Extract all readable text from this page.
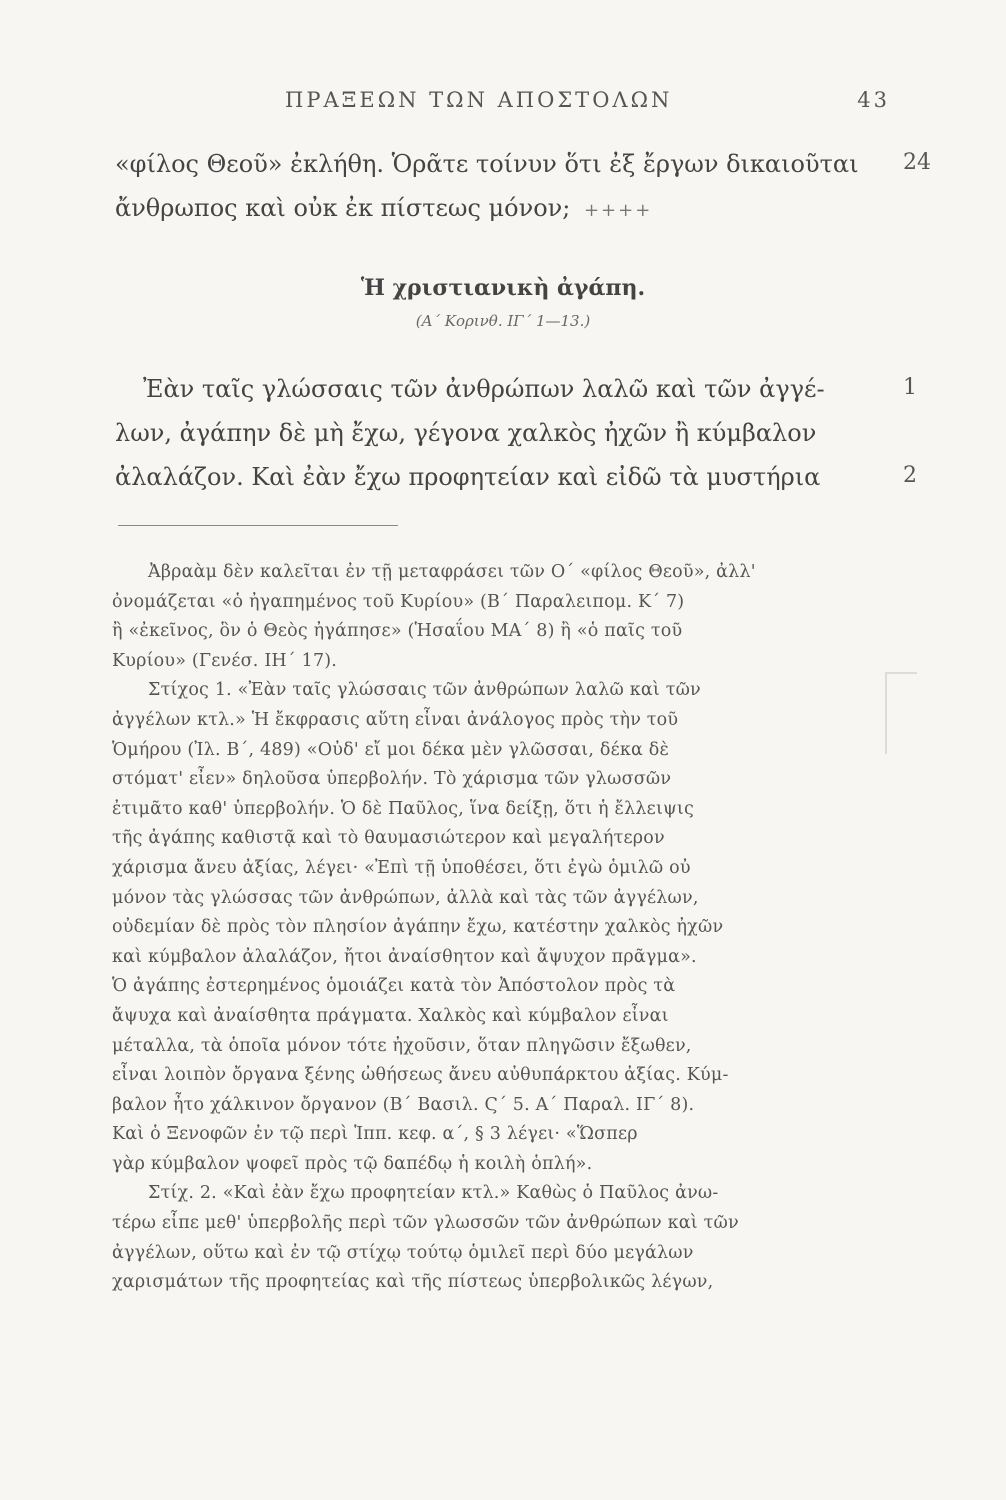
ΠΡΑΞΕΩΝ ΤΩΝ ΑΠΟΣΤΟΛΩΝ	43
«φίλος Θεοῦ» ἐκλήθη. Ὁρᾶτε τοίνυν ὅτι ἐξ ἔργων δικαιοῦται 24
ἄνθρωπος καὶ οὐκ ἐκ πίστεως μόνον; ++++
Ἡ χριστιανικὴ ἀγάπη.
(Α΄ Κορινθ. ΙΓ΄ 1—13.)
Ἐὰν ταῖς γλώσσαις τῶν ἀνθρώπων λαλῶ καὶ τῶν ἀγγέ-	1
λων, ἀγάπην δὲ μὴ ἔχω, γέγονα χαλκὸς ἠχῶν ἢ κύμβαλον
ἀλαλάζον. Καὶ ἐὰν ἔχω προφητείαν καὶ εἰδῶ τὰ μυστήρια	2
Ἀβραὰμ δὲν καλεῖται ἐν τῇ μεταφράσει τῶν Ο΄ «φίλος Θεοῦ», ἀλλ'
ὀνομάζεται «ὁ ἠγαπημένος τοῦ Κυρίου» (Β΄ Παραλειπομ. Κ΄ 7)
ἢ «ἐκεῖνος, ὃν ὁ Θεὸς ἠγάπησε» (Ἡσαΐου ΜΑ΄ 8) ἢ «ὁ παῖς τοῦ
Κυρίου» (Γενέσ. ΙΗ΄ 17).
Στίχος 1. «Ἐὰν ταῖς γλώσσαις τῶν ἀνθρώπων λαλῶ καὶ τῶν
ἀγγέλων κτλ.» Ἡ ἔκφρασις αὕτη εἶναι ἀνάλογος πρὸς τὴν τοῦ
Ὁμήρου (Ἰλ. Β΄, 489) «Οὐδ' εἴ μοι δέκα μὲν γλῶσσαι, δέκα δὲ
στόματ' εἶεν» δηλοῦσα ὑπερβολήν. Τὸ χάρισμα τῶν γλωσσῶν
ἐτιμᾶτο καθ' ὑπερβολήν. Ὁ δὲ Παῦλος, ἵνα δείξῃ, ὅτι ἡ ἔλλειψις
τῆς ἀγάπης καθιστᾷ καὶ τὸ θαυμασιώτερον καὶ μεγαλήτερον
χάρισμα ἄνευ ἀξίας, λέγει· «Ἐπὶ τῇ ὑποθέσει, ὅτι ἐγὼ ὁμιλῶ οὐ
μόνον τὰς γλώσσας τῶν ἀνθρώπων, ἀλλὰ καὶ τὰς τῶν ἀγγέλων,
οὐδεμίαν δὲ πρὸς τὸν πλησίον ἀγάπην ἔχω, κατέστην χαλκὸς ἠχῶν
καὶ κύμβαλον ἀλαλάζον, ἤτοι ἀναίσθητον καὶ ἄψυχον πρᾶγμα».
Ὁ ἀγάπης ἐστερημένος ὁμοιάζει κατὰ τὸν Ἀπόστολον πρὸς τὰ
ἄψυχα καὶ ἀναίσθητα πράγματα. Χαλκὸς καὶ κύμβαλον εἶναι
μέταλλα, τὰ ὁποῖα μόνον τότε ἠχοῦσιν, ὅταν πληγῶσιν ἔξωθεν,
εἶναι λοιπὸν ὄργανα ξένης ὠθήσεως ἄνευ αὐθυπάρκτου ἀξίας. Κύμ-
βαλον ἦτο χάλκινον ὄργανον (Β΄ Βασιλ. Ϛ΄ 5. Α΄ Παραλ. ΙΓ΄ 8).
Καὶ ὁ Ξενοφῶν ἐν τῷ περὶ Ἱππ. κεφ. α΄, § 3 λέγει· «Ὥσπερ
γὰρ κύμβαλον ψοφεῖ πρὸς τῷ δαπέδῳ ἡ κοιλὴ ὁπλή».
Στίχ. 2. «Καὶ ἐὰν ἔχω προφητείαν κτλ.» Καθὼς ὁ Παῦλος ἀνω-
τέρω εἶπε μεθ' ὑπερβολῆς περὶ τῶν γλωσσῶν τῶν ἀνθρώπων καὶ τῶν
ἀγγέλων, οὕτω καὶ ἐν τῷ στίχῳ τούτῳ ὁμιλεῖ περὶ δύο μεγάλων
χαρισμάτων τῆς προφητείας καὶ τῆς πίστεως ὑπερβολικῶς λέγων,
